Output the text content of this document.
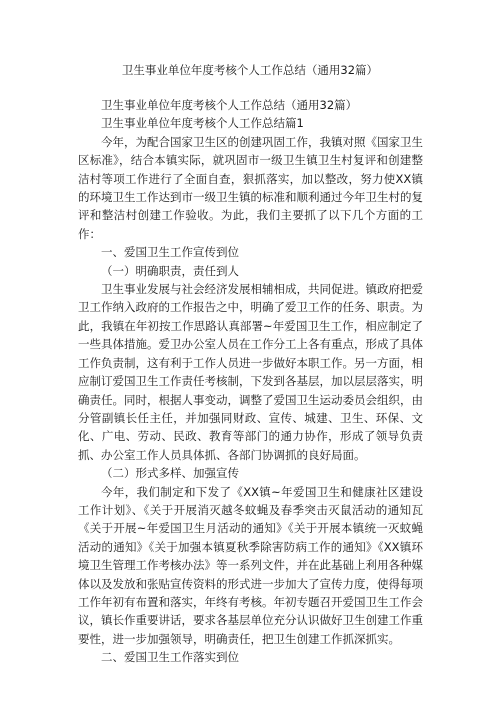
卫生事业单位年度考核个人工作总结（通用32篇）

卫生事业单位年度考核个人工作总结（通用32篇）

卫生事业单位年度考核个人工作总结篇1

今年，为配合国家卫生区的创建巩固工作，我镇对照《国家卫生区标准》，结合本镇实际，就巩固市一级卫生镇卫生村复评和创建整洁村等项工作进行了全面自查，狠抓落实，加以整改，努力使XX镇的环境卫生工作达到市一级卫生镇的标准和顺利通过今年卫生村的复评和整洁村创建工作验收。为此，我们主要抓了以下几个方面的工作：

一、爱国卫生工作宣传到位

（一）明确职责，责任到人

卫生事业发展与社会经济发展相辅相成，共同促进。镇政府把爱卫工作纳入政府的工作报告之中，明确了爱卫工作的任务、职责。为此，我镇在年初按工作思路认真部署~年爱国卫生工作，相应制定了一些具体措施。爱卫办公室人员在工作分工上各有重点，形成了具体工作负责制，这有利于工作人员进一步做好本职工作。另一方面，相应制订爱国卫生工作责任考核制，下发到各基层，加以层层落实，明确责任。同时，根据人事变动，调整了爱国卫生运动委员会组织，由分管副镇长任主任，并加强同财政、宣传、城建、卫生、环保、文化、广电、劳动、民政、教育等部门的通力协作，形成了领导负责抓、办公室工作人员具体抓、各部门协调抓的良好局面。

（二）形式多样、加强宣传

今年，我们制定和下发了《XX镇~年爱国卫生和健康社区建设工作计划》、《关于开展消灭越冬蚊蝇及春季突击灭鼠活动的通知瓦《关于开展~年爱国卫生月活动的通知》《关于开展本镇统一灭蚊蝇活动的通知》《关于加强本镇夏秋季除害防病工作的通知》《XX镇环境卫生管理工作考核办法》等一系列文件，并在此基础上利用各种媒体以及发放和张贴宣传资料的形式进一步加大了宣传力度，使得每项工作年初有布置和落实，年终有考核。年初专题召开爱国卫生工作会议，镇长作重要讲话，要求各基层单位充分认识做好卫生创建工作重要性，进一步加强领导，明确责任，把卫生创建工作抓深抓实。

二、爱国卫生工作落实到位
